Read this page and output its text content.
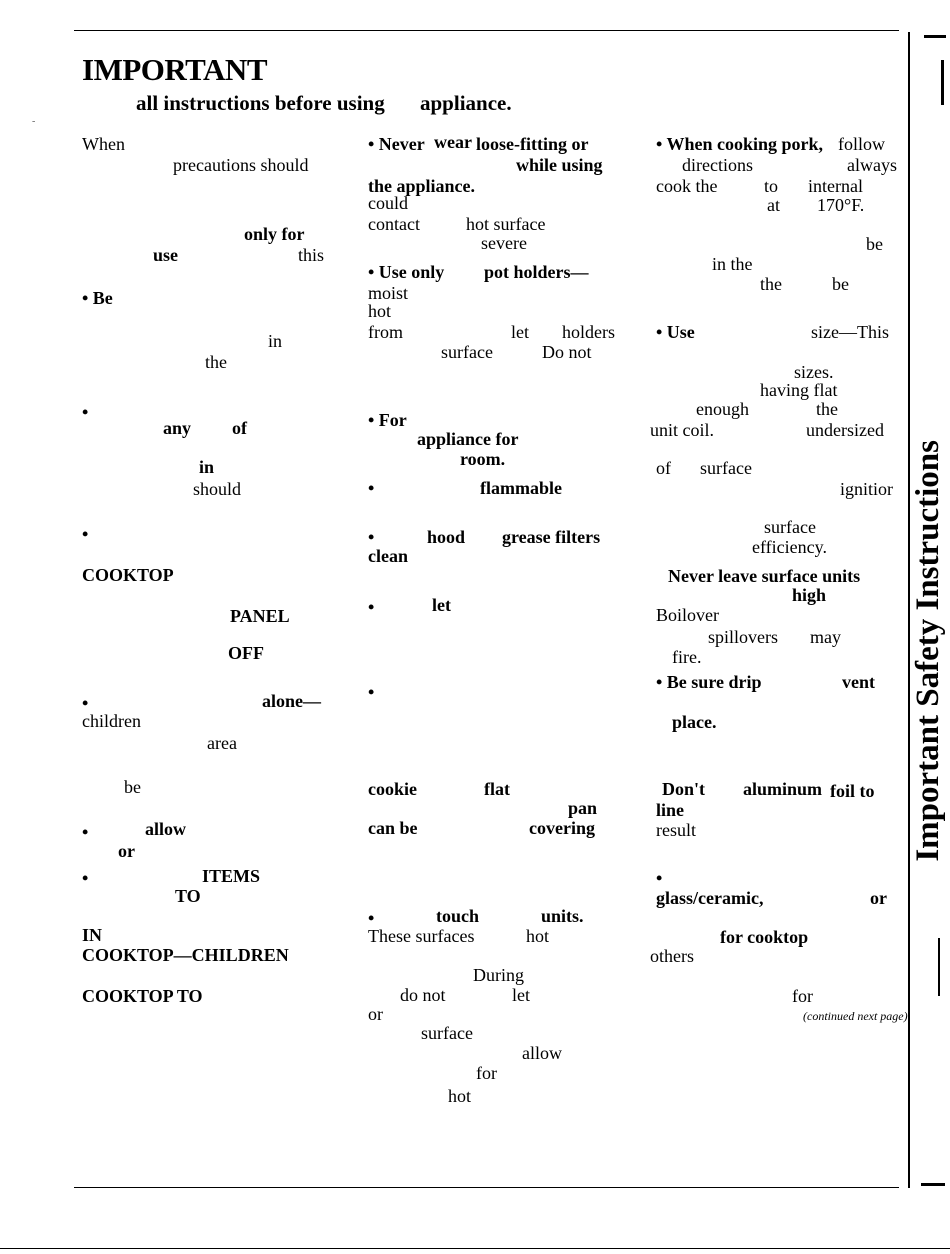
IMPORTANT
all instructions before using appliance.
-
When
precautions should
only for
use	this
• Be
in
the
•
any of
in
should
•
COOKTOP
PANEL
OFF
•	alone—
children
area
be
•	allow
or
•	ITEMS
TO
IN
COOKTOP—CHILDREN
COOKTOP TO
• Never wear loose-fitting or
while using
the appliance.
could
contact	hot surface
severe
• Use only pot holders—
moist
hot
from	let holders
surface	Do not
• For
appliance for
room.
•	flammable
•	hood grease filters
clean
•	let
•
cookie	flat
pan
can be	covering
•	touch	units.
These surfaces	hot
During
do not	let
or
surface
allow
for
hot
• When cooking pork, follow
directions	always
cook the	to internal
at 170°F.
be
in the
the	be
• Use	size—This
sizes.
having flat
enough	the
unit coil.	undersized
of surface
ignitior
surface
efficiency.
Never leave surface units
high
Boilover
spillovers may
fire.
• Be sure drip	vent
place.
Don't aluminum foil to
line
result
•
glass/ceramic,	or
for cooktop
others
for
(continued next page)
Important Safety Instructions
